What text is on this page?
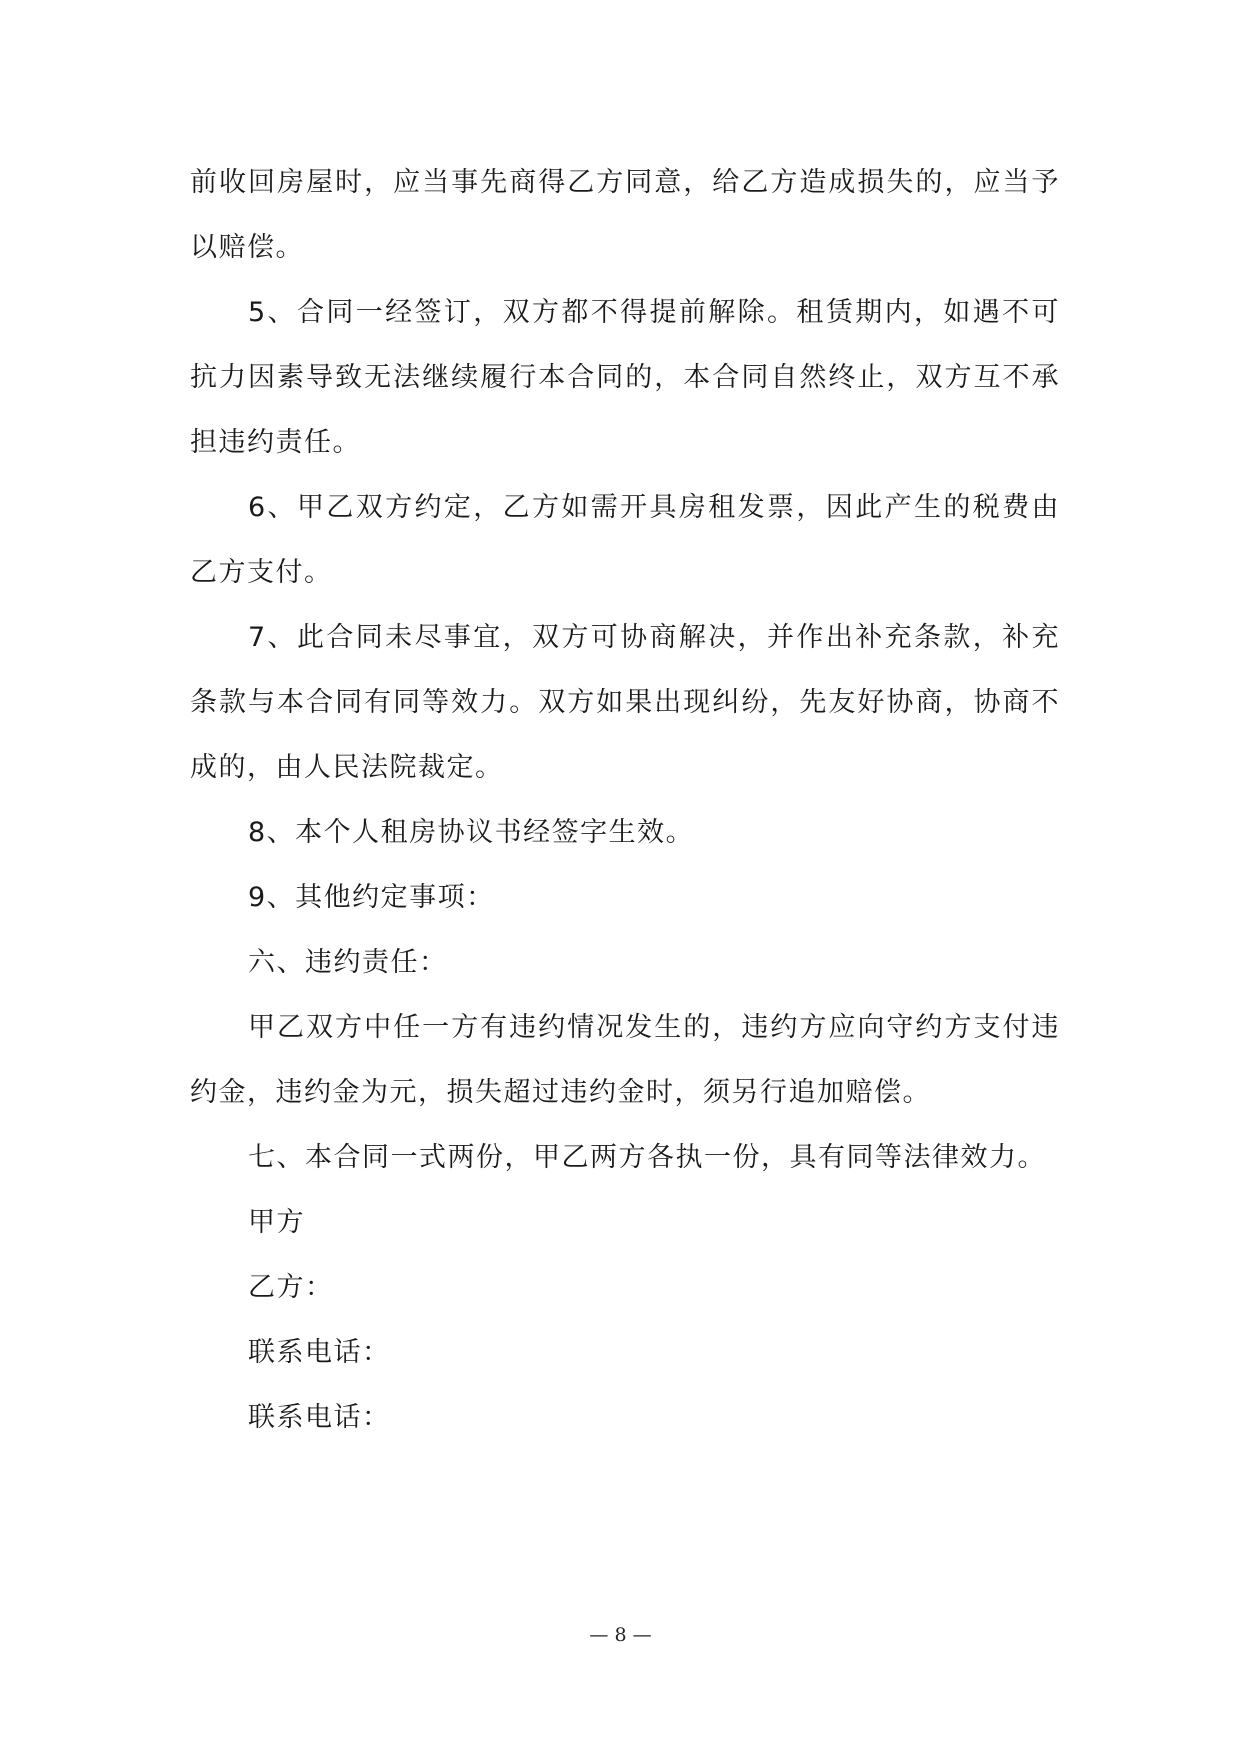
前收回房屋时，应当事先商得乙方同意，给乙方造成损失的，应当予以赔偿。

5、合同一经签订，双方都不得提前解除。租赁期内，如遇不可抗力因素导致无法继续履行本合同的，本合同自然终止，双方互不承担违约责任。

6、甲乙双方约定，乙方如需开具房租发票，因此产生的税费由乙方支付。

7、此合同未尽事宜，双方可协商解决，并作出补充条款，补充条款与本合同有同等效力。双方如果出现纠纷，先友好协商，协商不成的，由人民法院裁定。

8、本个人租房协议书经签字生效。

9、其他约定事项：

六、违约责任：

甲乙双方中任一方有违约情况发生的，违约方应向守约方支付违约金，违约金为元，损失超过违约金时，须另行追加赔偿。

七、本合同一式两份，甲乙两方各执一份，具有同等法律效力。

甲方

乙方：

联系电话：

联系电话：

— 8 —
